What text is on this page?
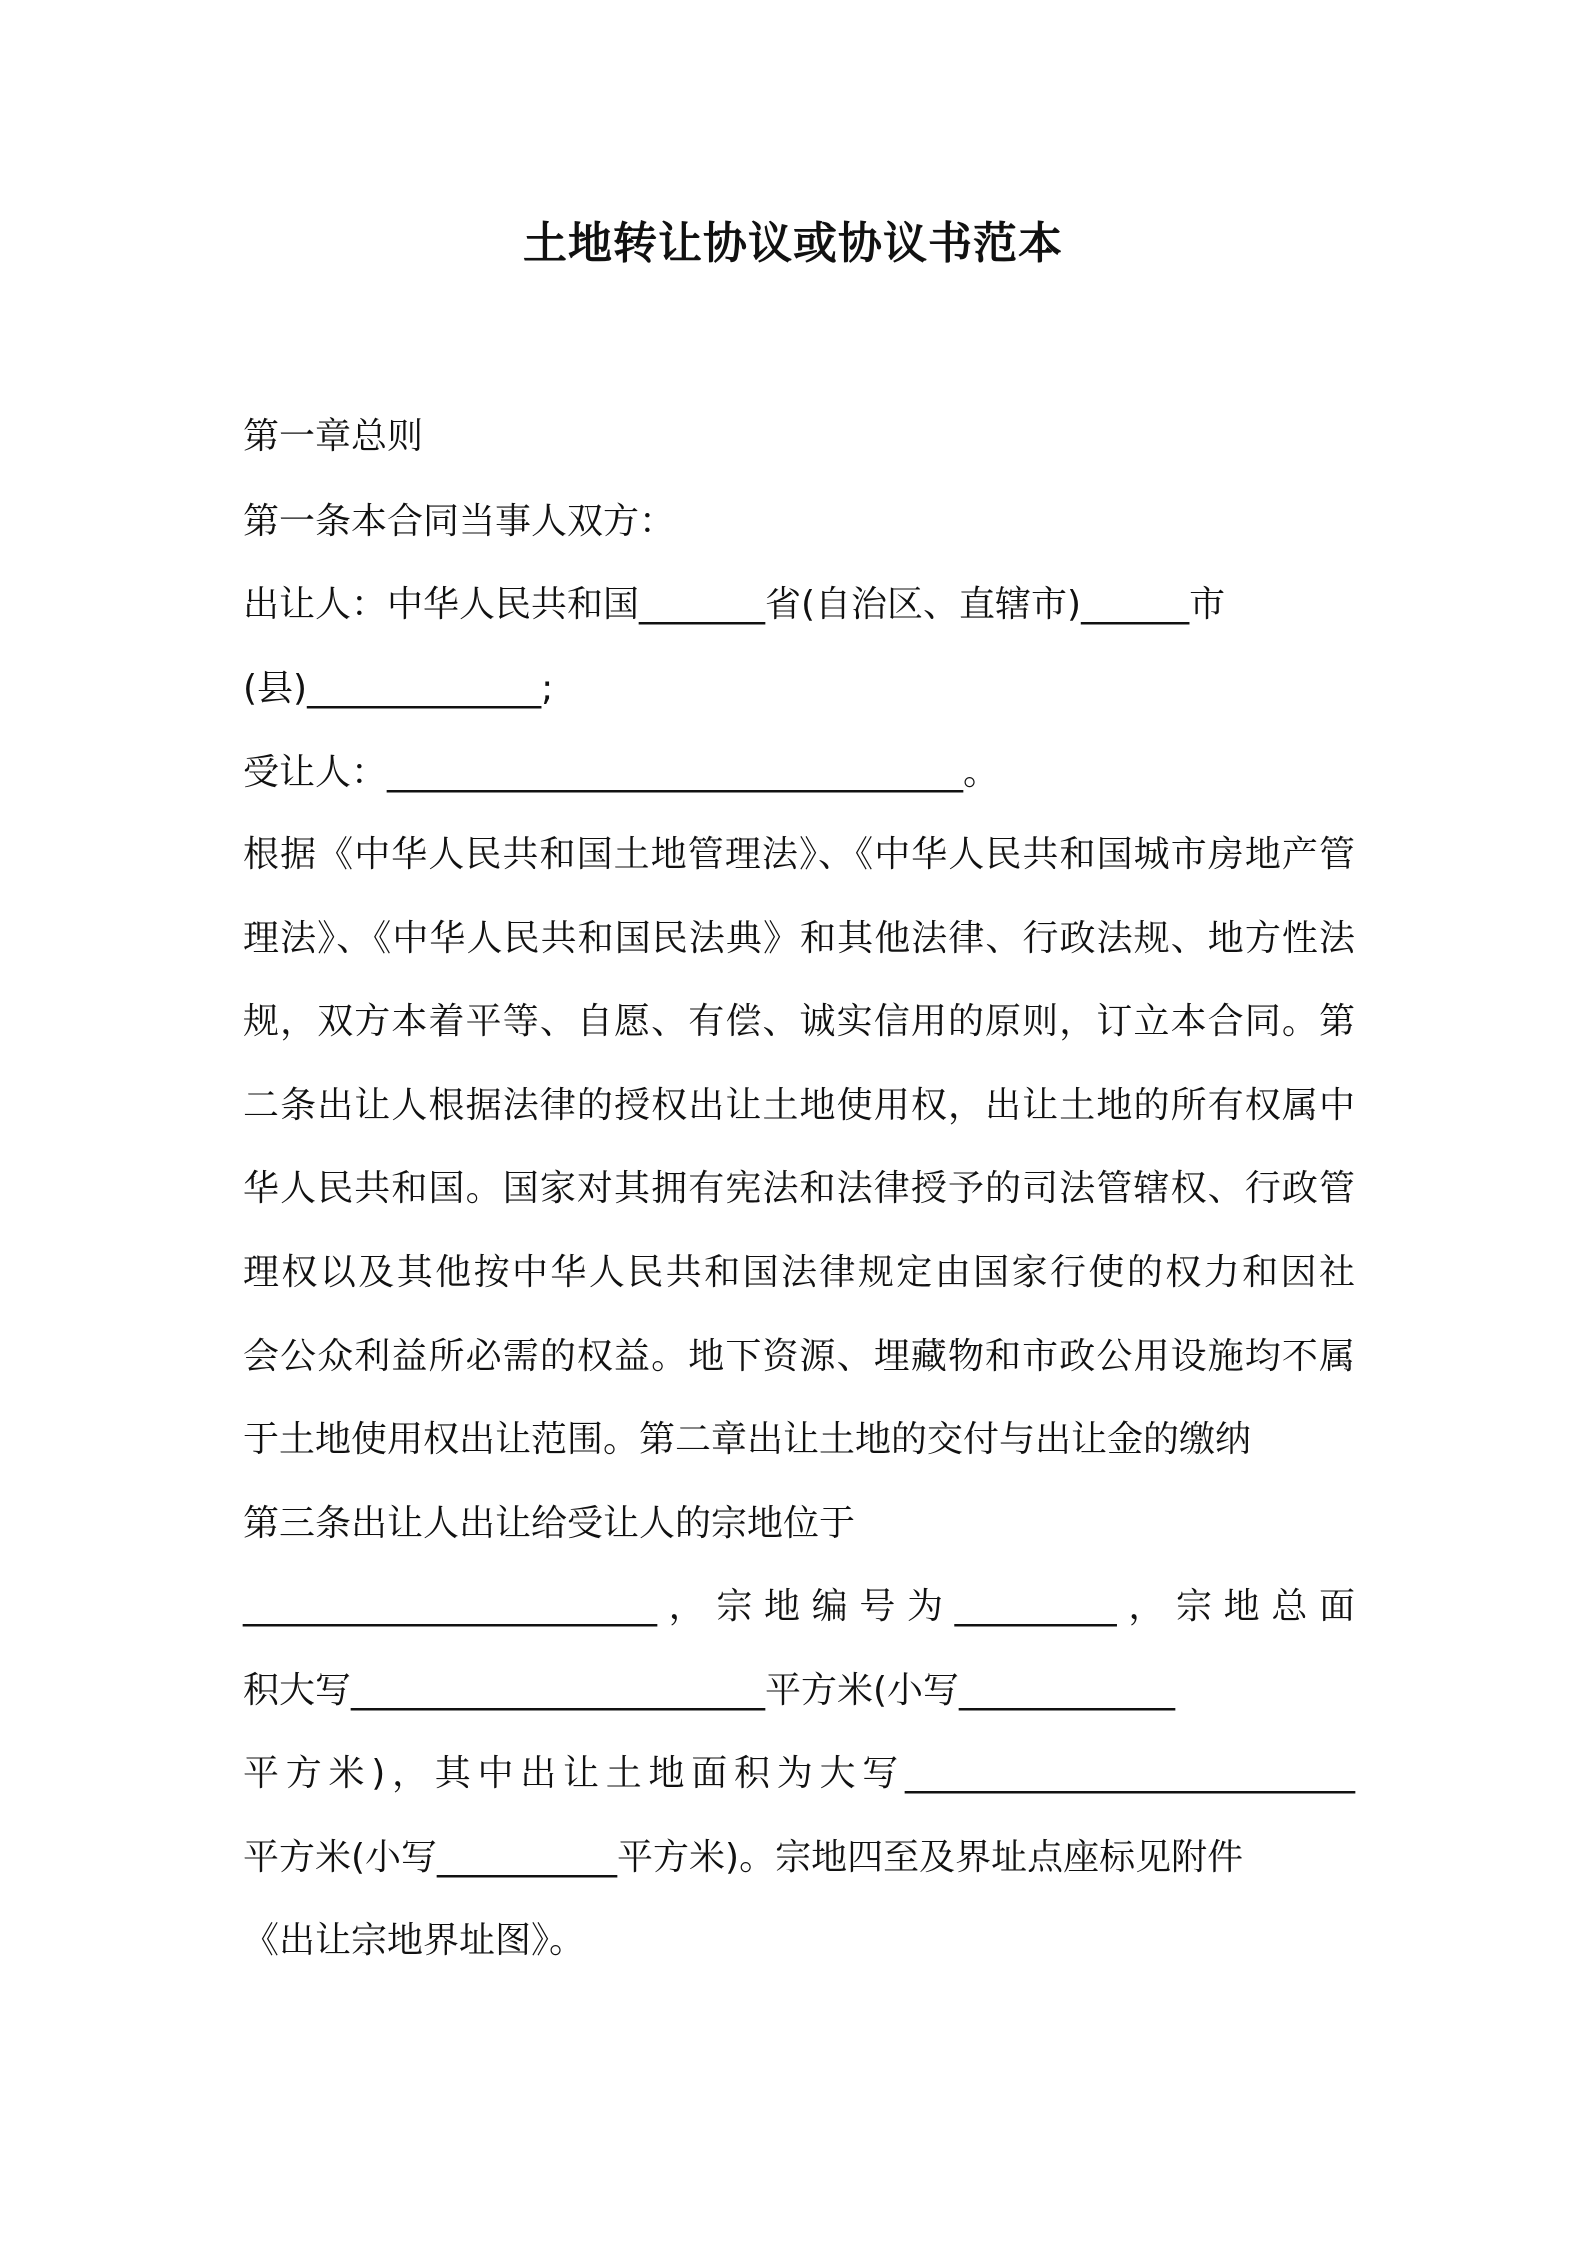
土地转让协议或协议书范本
第一章总则
第一条本合同当事人双方：
出让人：中华人民共和国_______省(自治区、直辖市)______市
(县)_____________;
受让人：________________________________。
根据《中华人民共和国土地管理法》、《中华人民共和国城市房地产管
理法》、《中华人民共和国民法典》和其他法律、行政法规、地方性法
规，双方本着平等、自愿、有偿、诚实信用的原则，订立本合同。第
二条出让人根据法律的授权出让土地使用权，出让土地的所有权属中
华人民共和国。国家对其拥有宪法和法律授予的司法管辖权、行政管
理权以及其他按中华人民共和国法律规定由国家行使的权力和因社
会公众利益所必需的权益。地下资源、埋藏物和市政公用设施均不属
于土地使用权出让范围。第二章出让土地的交付与出让金的缴纳
第三条出让人出让给受让人的宗地位于
_______________________，宗地编号为_________，宗地总面
积大写_______________________平方米(小写____________
平方米)，其中出让土地面积为大写_________________________
平方米(小写__________平方米)。宗地四至及界址点座标见附件
《出让宗地界址图》。
